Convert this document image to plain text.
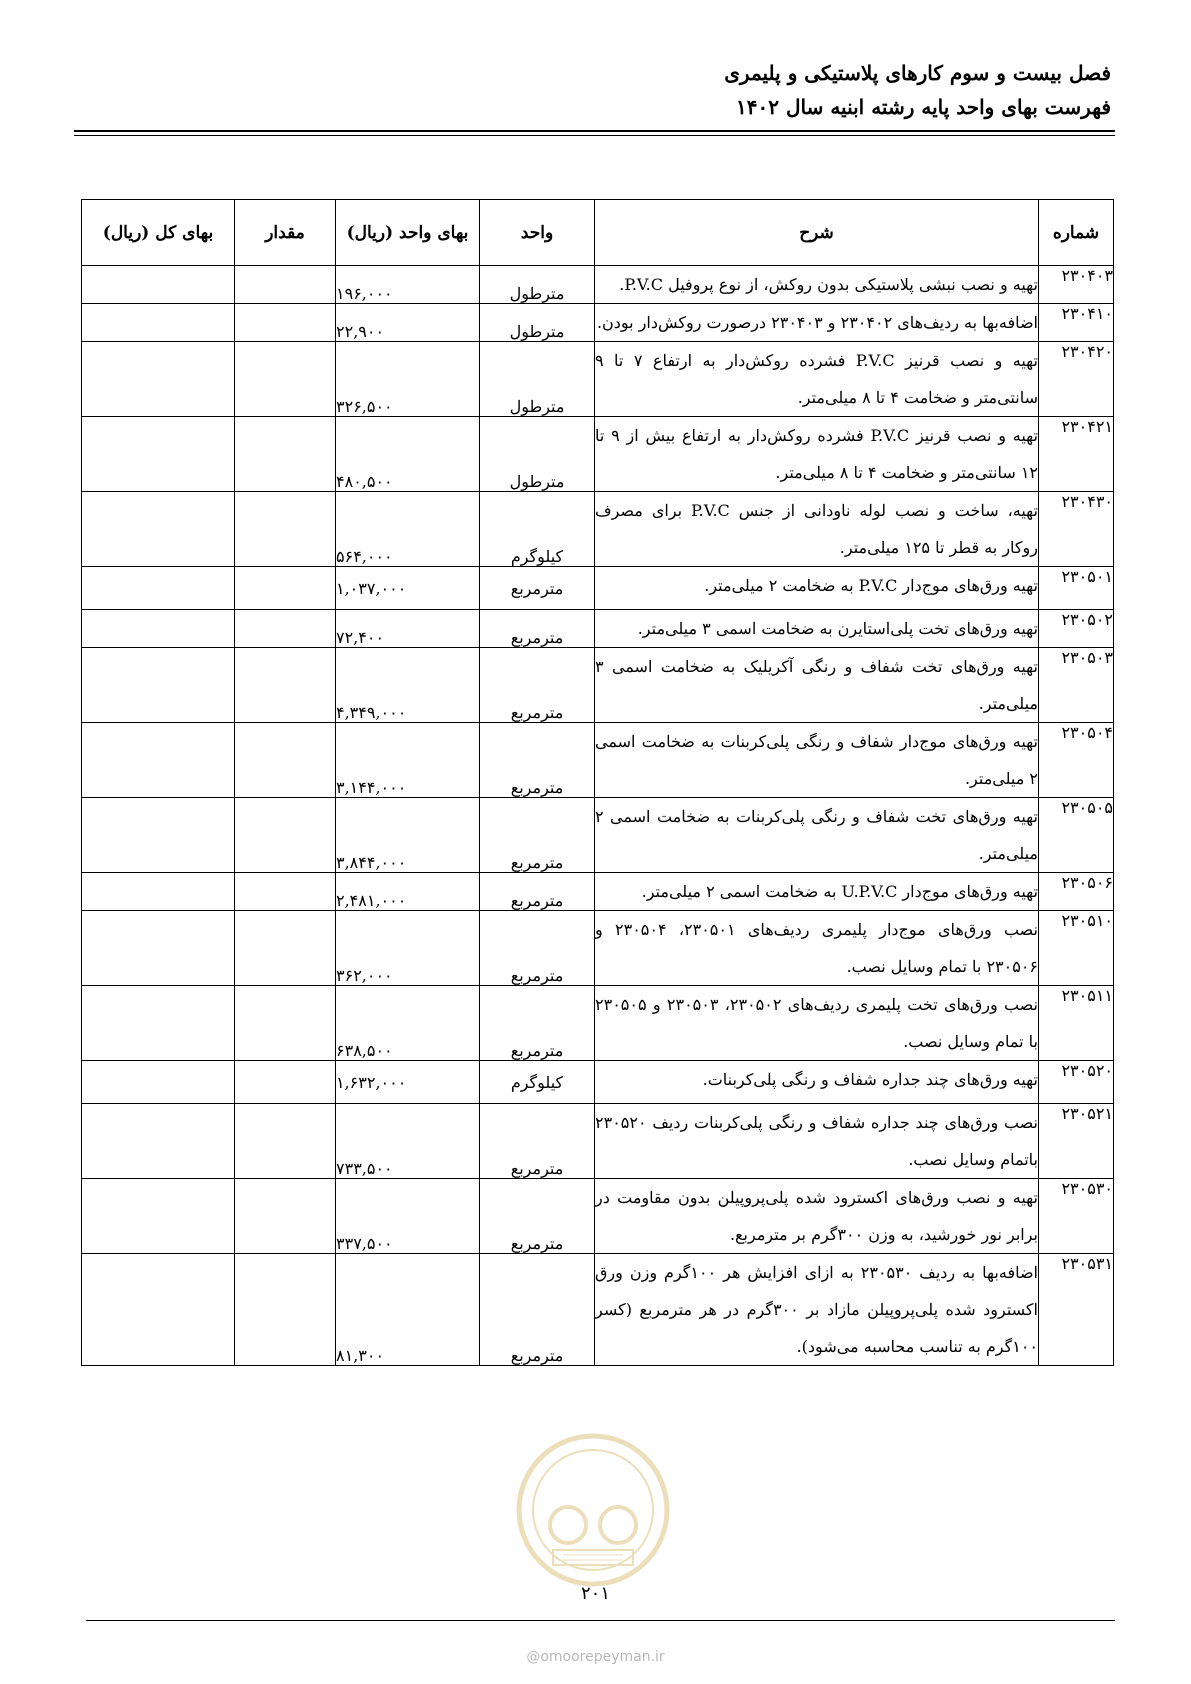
فصل بیست و سوم کارهای پلاستیکی و پلیمری
فهرست بهای واحد پایه رشته ابنیه سال ۱۴۰۲
شماره	شرح	واحد	بهای واحد (ریال)	مقدار	بهای کل (ریال)
۲۳۰۴۰۳	تهیه و نصب نبشی پلاستیکی بدون روکش، از نوع پروفیل P.V.C.	مترطول	۱۹۶,۰۰۰		
۲۳۰۴۱۰	اضافه‌بها به ردیف‌های ۲۳۰۴۰۲ و ۲۳۰۴۰۳ درصورت روکش‌دار بودن.	مترطول	۲۲,۹۰۰		
۲۳۰۴۲۰	تهیه و نصب قرنیز P.V.C فشرده روکش‌دار به ارتفاع ۷ تا ۹ سانتی‌متر و ضخامت ۴ تا ۸ میلی‌متر.	مترطول	۳۲۶,۵۰۰		
۲۳۰۴۲۱	تهیه و نصب قرنیز P.V.C فشرده روکش‌دار به ارتفاع بیش از ۹ تا ۱۲ سانتی‌متر و ضخامت ۴ تا ۸ میلی‌متر.	مترطول	۴۸۰,۵۰۰		
۲۳۰۴۳۰	تهیه، ساخت و نصب لوله ناودانی از جنس P.V.C برای مصرف روکار به قطر تا ۱۲۵ میلی‌متر.	کیلوگرم	۵۶۴,۰۰۰		
۲۳۰۵۰۱	تهیه ورق‌های موج‌دار P.V.C به ضخامت ۲ میلی‌متر.	مترمربع	۱,۰۳۷,۰۰۰		
۲۳۰۵۰۲	تهیه ورق‌های تخت پلی‌استایرن به ضخامت اسمی ۳ میلی‌متر.	مترمربع	۷۲,۴۰۰		
۲۳۰۵۰۳	تهیه ورق‌های تخت شفاف و رنگی آکریلیک به ضخامت اسمی ۳ میلی‌متر.	مترمربع	۴,۳۴۹,۰۰۰		
۲۳۰۵۰۴	تهیه ورق‌های موج‌دار شفاف و رنگی پلی‌کربنات به ضخامت اسمی ۲ میلی‌متر.	مترمربع	۳,۱۴۴,۰۰۰		
۲۳۰۵۰۵	تهیه ورق‌های تخت شفاف و رنگی پلی‌کربنات به ضخامت اسمی ۲ میلی‌متر.	مترمربع	۳,۸۴۴,۰۰۰		
۲۳۰۵۰۶	تهیه ورق‌های موج‌دار U.P.V.C به ضخامت اسمی ۲ میلی‌متر.	مترمربع	۲,۴۸۱,۰۰۰		
۲۳۰۵۱۰	نصب ورق‌های موج‌دار پلیمری ردیف‌های ۲۳۰۵۰۱، ۲۳۰۵۰۴ و ۲۳۰۵۰۶ با تمام وسایل نصب.	مترمربع	۳۶۲,۰۰۰		
۲۳۰۵۱۱	نصب ورق‌های تخت پلیمری ردیف‌های ۲۳۰۵۰۲، ۲۳۰۵۰۳ و ۲۳۰۵۰۵ با تمام وسایل نصب.	مترمربع	۶۳۸,۵۰۰		
۲۳۰۵۲۰	تهیه ورق‌های چند جداره شفاف و رنگی پلی‌کربنات.	کیلوگرم	۱,۶۳۲,۰۰۰		
۲۳۰۵۲۱	نصب ورق‌های چند جداره شفاف و رنگی پلی‌کربنات ردیف ۲۳۰۵۲۰ باتمام وسایل نصب.	مترمربع	۷۳۳,۵۰۰		
۲۳۰۵۳۰	تهیه و نصب ورق‌های اکسترود شده پلی‌پروپیلن بدون مقاومت در برابر نور خورشید، به وزن ۳۰۰گرم بر مترمربع.	مترمربع	۳۳۷,۵۰۰		
۲۳۰۵۳۱	اضافه‌بها به ردیف ۲۳۰۵۳۰ به ازای افزایش هر ۱۰۰گرم وزن ورق اکسترود شده پلی‌پروپیلن مازاد بر ۳۰۰گرم در هر مترمربع (کسر ۱۰۰گرم به تناسب محاسبه می‌شود).	مترمربع	۸۱,۳۰۰		
۲۰۱
@omoorepeyman.ir
